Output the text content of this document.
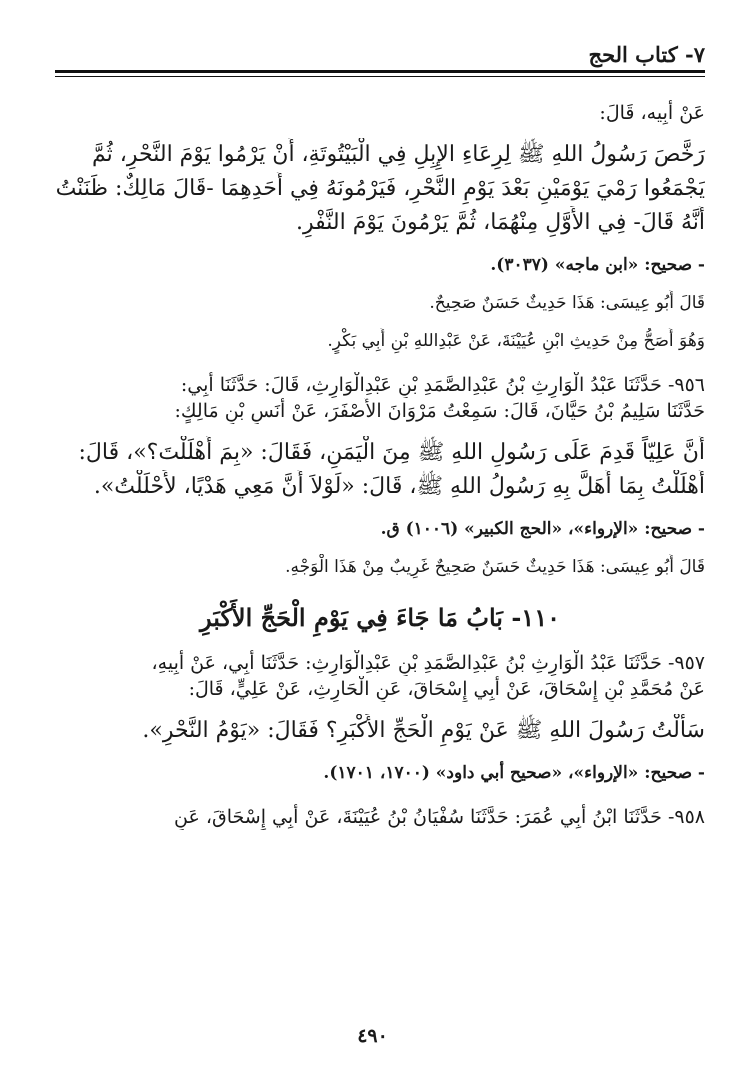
٧- كتاب الحج

عَنْ أَبِيه، قَالَ:

رَخَّصَ رَسُولُ اللهِ ﷺ لِرِعَاءِ الإِبِلِ فِي الْبَيْتُوتَةِ، أَنْ يَرْمُوا يَوْمَ النَّحْرِ، ثُمَّ

يَجْمَعُوا رَمْيَ يَوْمَيْنِ بَعْدَ يَوْمِ النَّحْرِ، فَيَرْمُونَهُ فِي أَحَدِهِمَا -قَالَ مَالِكٌ: ظَنَنْتُ

أَنَّهُ قَالَ- فِي الأَوَّلِ مِنْهُمَا، ثُمَّ يَرْمُونَ يَوْمَ النَّفْرِ.

- صحيح: «ابن ماجه» (٣٠٣٧).

قَالَ أَبُو عِيسَى: هَذَا حَدِيثٌ حَسَنٌ صَحِيحٌ.

وَهُوَ أَصَحُّ مِنْ حَدِيثِ ابْنِ عُيَيْنَةَ، عَنْ عَبْدِاللهِ بْنِ أَبِي بَكْرٍ.

٩٥٦- حَدَّثَنَا عَبْدُ الْوَارِثِ بْنُ عَبْدِالصَّمَدِ بْنِ عَبْدِالْوَارِثِ، قَالَ: حَدَّثَنَا أَبِي:

حَدَّثَنَا سَلِيمُ بْنُ حَيَّانَ، قَالَ: سَمِعْتُ مَرْوَانَ الأَصْفَرَ، عَنْ أَنَسِ بْنِ مَالِكٍ:

أَنَّ عَلِيّاً قَدِمَ عَلَى رَسُولِ اللهِ ﷺ مِنَ الْيَمَنِ، فَقَالَ: «بِمَ أَهْلَلْتَ؟»، قَالَ:

أَهْلَلْتُ بِمَا أَهَلَّ بِهِ رَسُولُ اللهِ ﷺ، قَالَ: «لَوْلاَ أَنَّ مَعِي هَدْيًا، لأَحْلَلْتُ».

- صحيح: «الإرواء»، «الحج الكبير» (١٠٠٦) ق.

قَالَ أَبُو عِيسَى: هَذَا حَدِيثٌ حَسَنٌ صَحِيحٌ غَرِيبٌ مِنْ هَذَا الْوَجْهِ.

١١٠- بَابُ مَا جَاءَ فِي يَوْمِ الْحَجِّ الأَكْبَرِ

٩٥٧- حَدَّثَنَا عَبْدُ الْوَارِثِ بْنُ عَبْدِالصَّمَدِ بْنِ عَبْدِالْوَارِثِ: حَدَّثَنَا أَبِي، عَنْ أَبِيهِ،

عَنْ مُحَمَّدِ بْنِ إِسْحَاقَ، عَنْ أَبِي إِسْحَاقَ، عَنِ الْحَارِثِ، عَنْ عَلِيٍّ، قَالَ:

سَأَلْتُ رَسُولَ اللهِ ﷺ عَنْ يَوْمِ الْحَجِّ الأَكْبَرِ؟ فَقَالَ: «يَوْمُ النَّحْرِ».

- صحيح: «الإرواء»، «صحيح أبي داود» (١٧٠٠، ١٧٠١).

٩٥٨- حَدَّثَنَا ابْنُ أَبِي عُمَرَ: حَدَّثَنَا سُفْيَانُ بْنُ عُيَيْنَةَ، عَنْ أَبِي إِسْحَاقَ، عَنِ

٤٩٠
